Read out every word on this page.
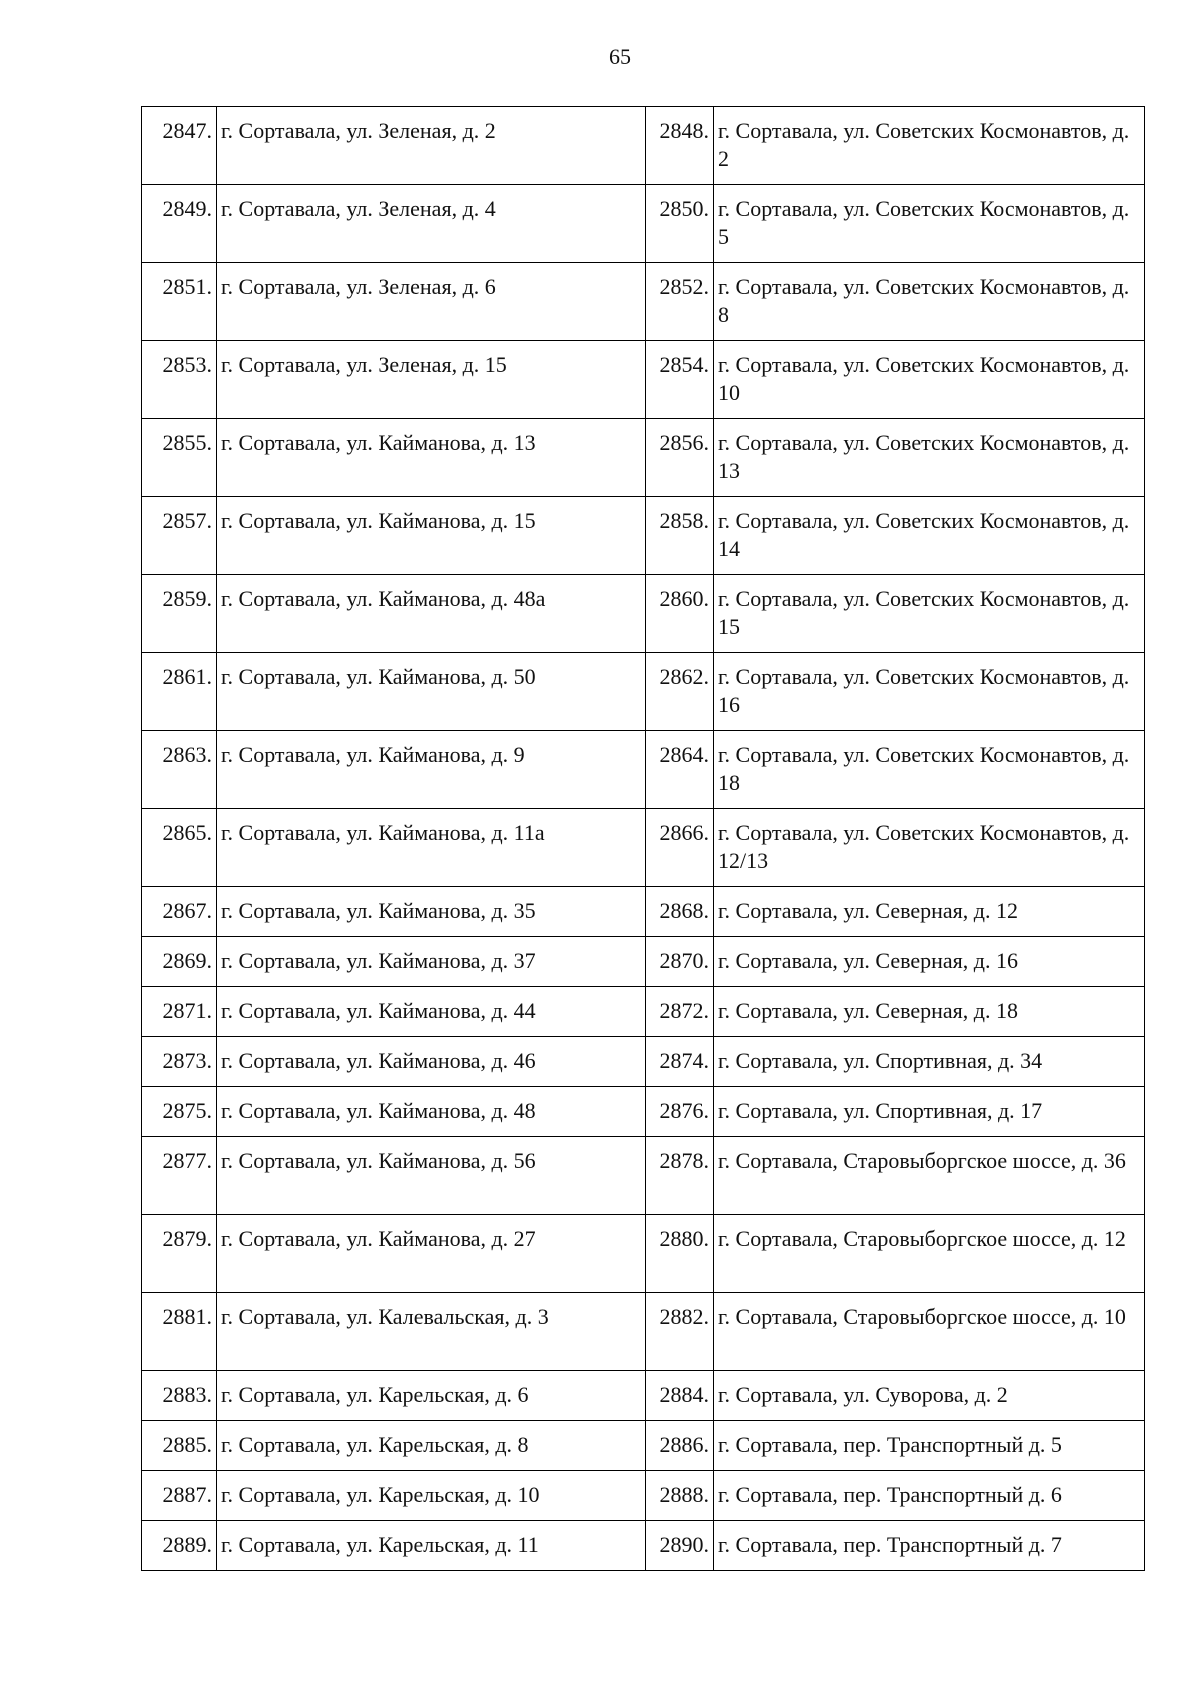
65
2847.	г. Сортавала, ул. Зеленая, д. 2	2848.	г. Сортавала, ул. Советских Космонавтов, д. 2
2849.	г. Сортавала, ул. Зеленая, д. 4	2850.	г. Сортавала, ул. Советских Космонавтов, д. 5
2851.	г. Сортавала, ул. Зеленая, д. 6	2852.	г. Сортавала, ул. Советских Космонавтов, д. 8
2853.	г. Сортавала, ул. Зеленая, д. 15	2854.	г. Сортавала, ул. Советских Космонавтов, д. 10
2855.	г. Сортавала, ул. Кайманова, д. 13	2856.	г. Сортавала, ул. Советских Космонавтов, д. 13
2857.	г. Сортавала, ул. Кайманова, д. 15	2858.	г. Сортавала, ул. Советских Космонавтов, д. 14
2859.	г. Сортавала, ул. Кайманова, д. 48а	2860.	г. Сортавала, ул. Советских Космонавтов, д. 15
2861.	г. Сортавала, ул. Кайманова, д. 50	2862.	г. Сортавала, ул. Советских Космонавтов, д. 16
2863.	г. Сортавала, ул. Кайманова, д. 9	2864.	г. Сортавала, ул. Советских Космонавтов, д. 18
2865.	г. Сортавала, ул. Кайманова, д. 11а	2866.	г. Сортавала, ул. Советских Космонавтов, д. 12/13
2867.	г. Сортавала, ул. Кайманова, д. 35	2868.	г. Сортавала, ул. Северная, д. 12
2869.	г. Сортавала, ул. Кайманова, д. 37	2870.	г. Сортавала, ул. Северная, д. 16
2871.	г. Сортавала, ул. Кайманова, д. 44	2872.	г. Сортавала, ул. Северная, д. 18
2873.	г. Сортавала, ул. Кайманова, д. 46	2874.	г. Сортавала, ул. Спортивная, д. 34
2875.	г. Сортавала, ул. Кайманова, д. 48	2876.	г. Сортавала, ул. Спортивная, д. 17
2877.	г. Сортавала, ул. Кайманова, д. 56	2878.	г. Сортавала, Старовыборгское шоссе, д. 36
2879.	г. Сортавала, ул. Кайманова, д. 27	2880.	г. Сортавала, Старовыборгское шоссе, д. 12
2881.	г. Сортавала, ул. Калевальская, д. 3	2882.	г. Сортавала, Старовыборгское шоссе, д. 10
2883.	г. Сортавала, ул. Карельская, д. 6	2884.	г. Сортавала, ул. Суворова, д. 2
2885.	г. Сортавала, ул. Карельская, д. 8	2886.	г. Сортавала, пер. Транспортный д. 5
2887.	г. Сортавала, ул. Карельская, д. 10	2888.	г. Сортавала, пер. Транспортный д. 6
2889.	г. Сортавала, ул. Карельская, д. 11	2890.	г. Сортавала, пер. Транспортный д. 7
